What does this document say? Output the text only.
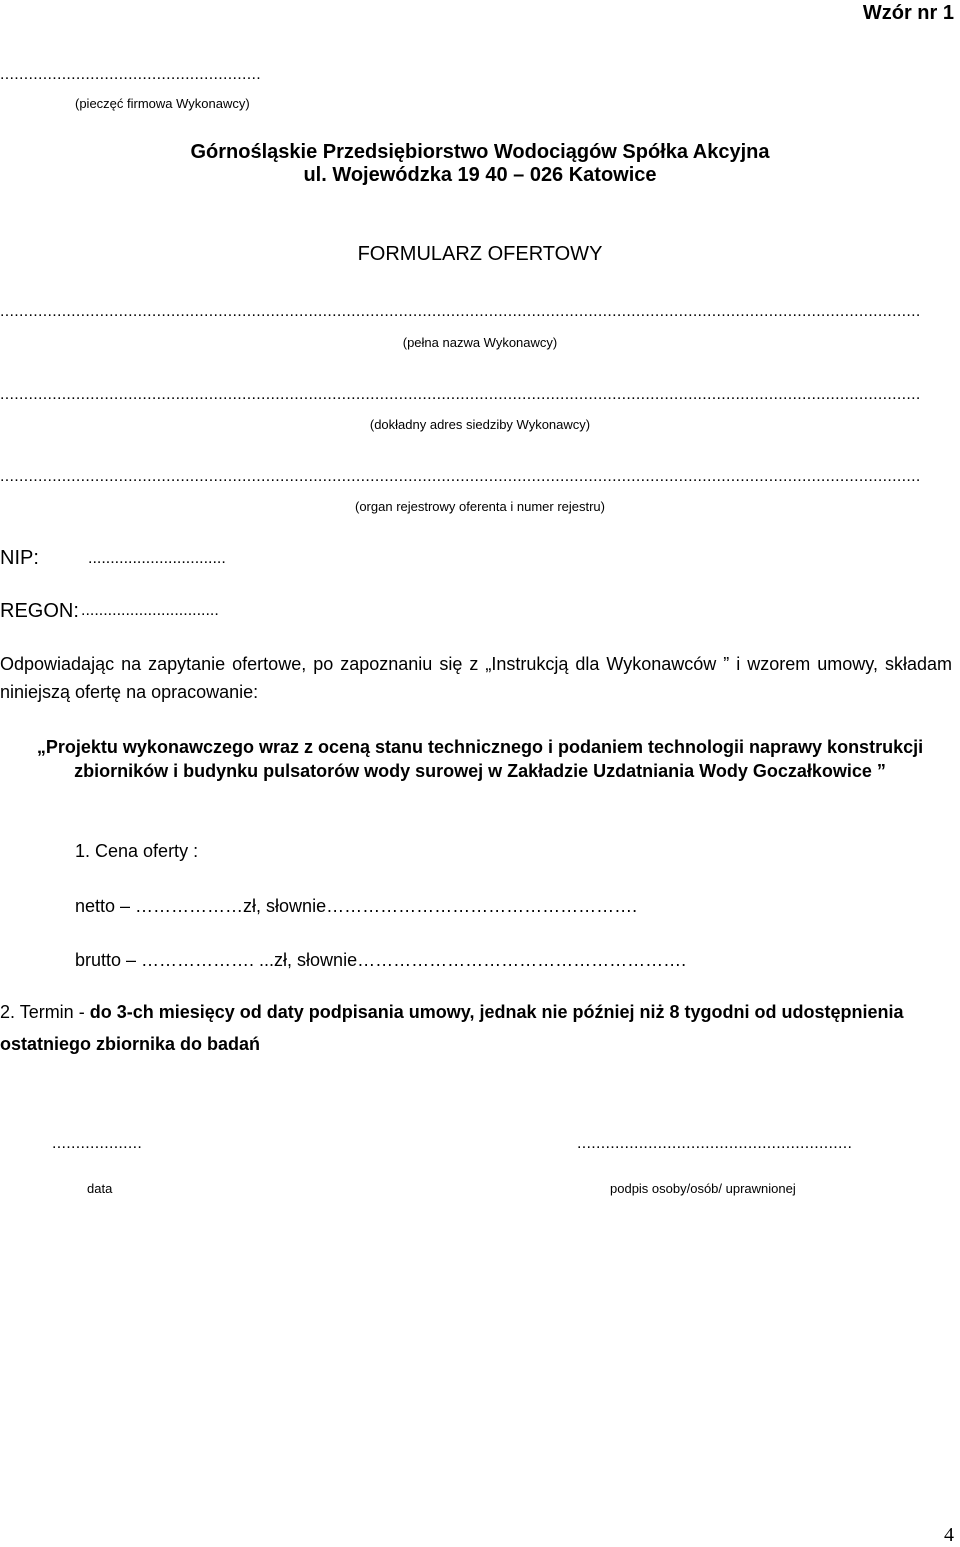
Wzór nr 1
.......................................................
(pieczęć firmowa Wykonawcy)
Górnośląskie Przedsiębiorstwo Wodociągów Spółka Akcyjna
ul. Wojewódzka 19 40 – 026 Katowice
FORMULARZ OFERTOWY
..................................................................................................................................................................................................
(pełna nazwa Wykonawcy)
..................................................................................................................................................................................................
(dokładny adres siedziby Wykonawcy)
..................................................................................................................................................................................................
(organ rejestrowy oferenta i numer rejestru)
NIP:	...............................
REGON: ...............................
Odpowiadając na zapytanie ofertowe, po zapoznaniu się z „Instrukcją dla Wykonawców ” i wzorem umowy, składam niniejszą ofertę na opracowanie:
„Projektu wykonawczego wraz z oceną stanu technicznego i podaniem technologii naprawy konstrukcji zbiorników i budynku pulsatorów wody surowej w Zakładzie Uzdatniania Wody Goczałkowice ”
1. Cena oferty :
netto – ………………zł, słownie…………………………………………….
brutto – ………………. ...zł, słownie……………………………………………….
2. Termin - do 3-ch miesięcy od daty podpisania umowy, jednak nie później niż 8 tygodni od udostępnienia ostatniego zbiornika do badań
...................
data
..........................................................
podpis osoby/osób/ uprawnionej
4
